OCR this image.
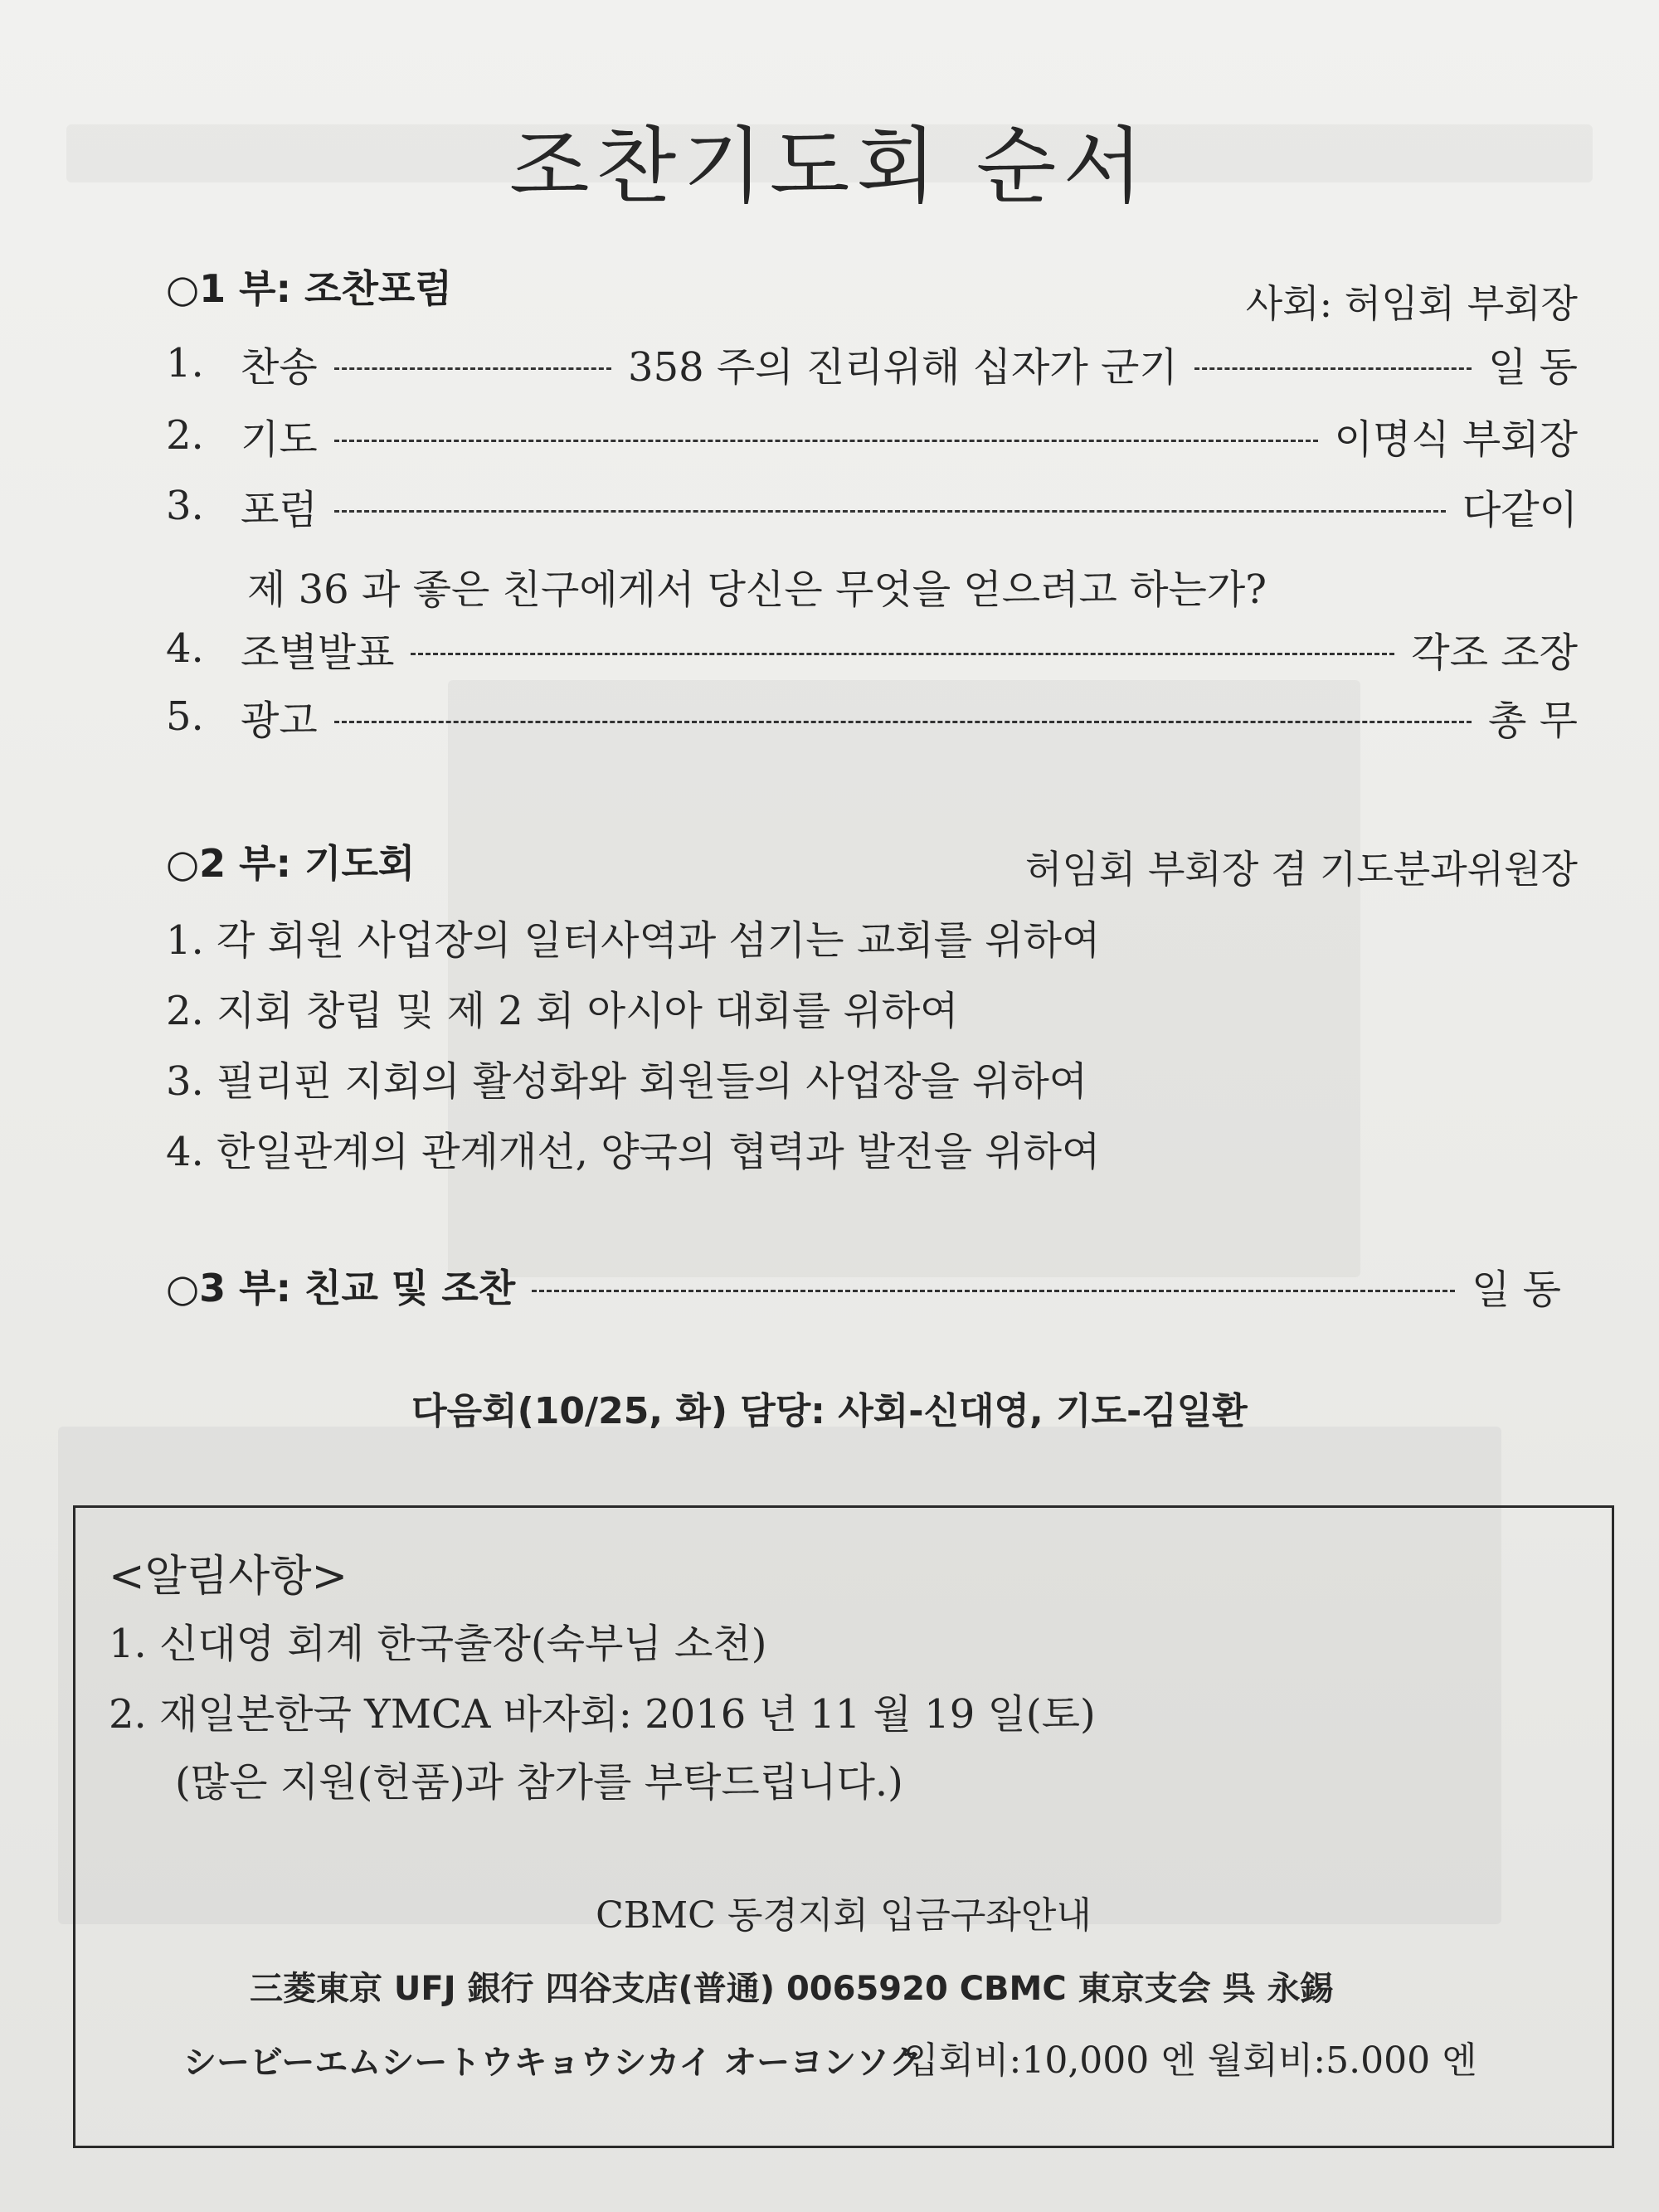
조찬기도회 순서
○1 부: 조찬포럼	사회: 허임회 부회장
1. 찬송	358 주의 진리위해 십자가 군기	일 동
2. 기도	이명식 부회장
3. 포럼	다같이
제 36 과 좋은 친구에게서 당신은 무엇을 얻으려고 하는가?
4. 조별발표	각조 조장
5. 광고	총 무
○2 부: 기도회	허임회 부회장 겸 기도분과위원장
1. 각 회원 사업장의 일터사역과 섬기는 교회를 위하여
2. 지회 창립 및 제 2 회 아시아 대회를 위하여
3. 필리핀 지회의 활성화와 회원들의 사업장을 위하여
4. 한일관계의 관계개선, 양국의 협력과 발전을 위하여
○3 부: 친교 및 조찬	일 동
다음회(10/25, 화) 담당: 사회-신대영, 기도-김일환
<알림사항>
1. 신대영 회계 한국출장(숙부님 소천)
2. 재일본한국 YMCA 바자회: 2016 년 11 월 19 일(토)
(많은 지원(헌품)과 참가를 부탁드립니다.)
CBMC 동경지회 입금구좌안내
三菱東京 UFJ 銀行 四谷支店(普通) 0065920 CBMC 東京支会 呉 永錫
シービーエムシートウキョウシカイ オーヨンソク
입회비:10,000 엔 월회비:5.000 엔
